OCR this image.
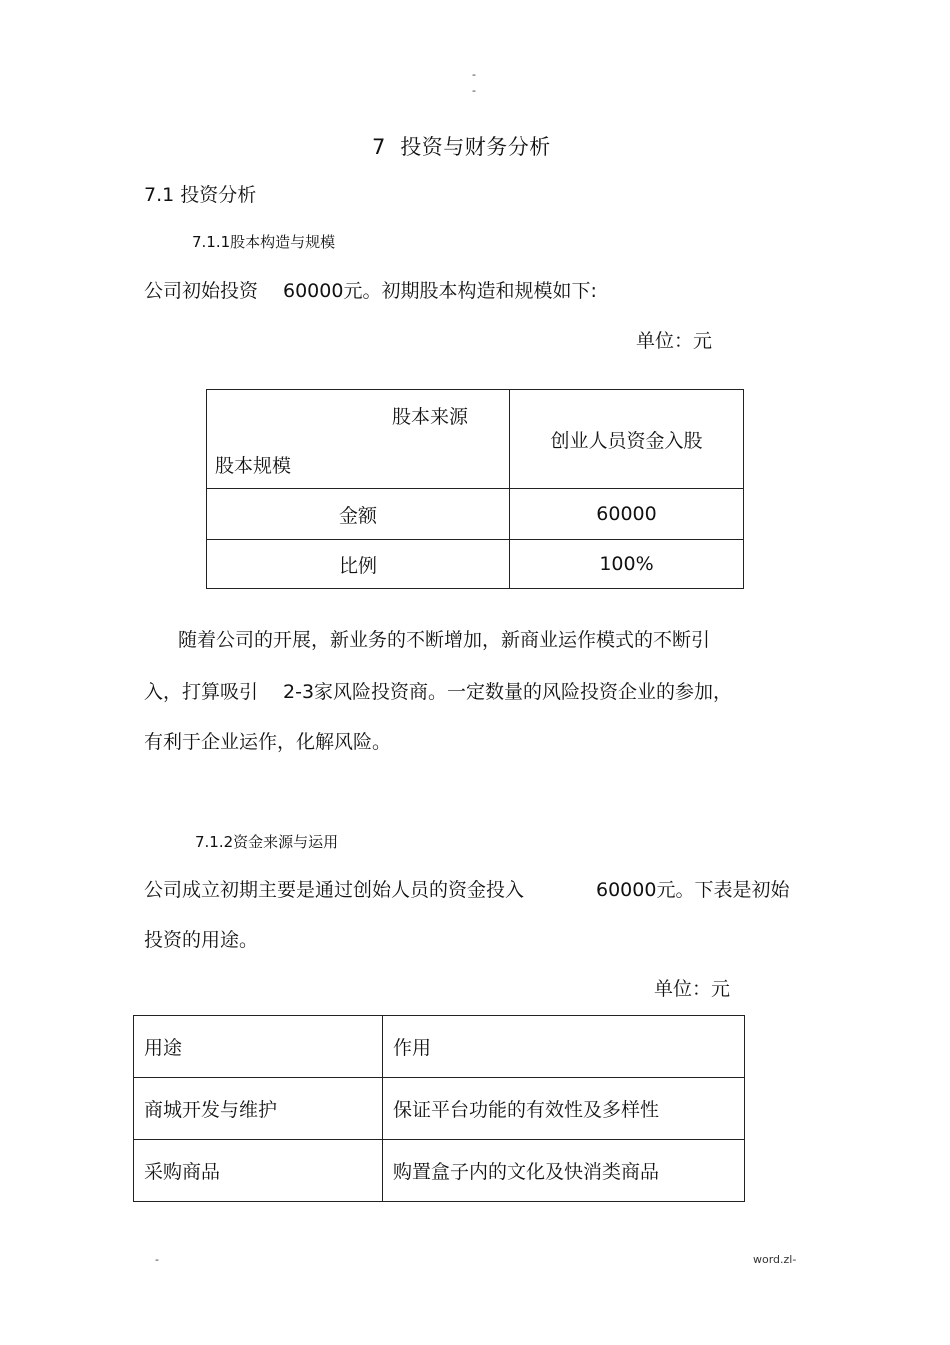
-
-
7  投资与财务分析
7.1 投资分析
7.1.1股本构造与规模
公司初始投资 60000元。初期股本构造和规模如下:
单位：元
股本来源
股本规模	创业人员资金入股
金额	60000
比例	100%
随着公司的开展，新业务的不断增加，新商业运作模式的不断引
入，打算吸引 2-3家风险投资商。一定数量的风险投资企业的参加，
有利于企业运作，化解风险。
7.1.2资金来源与运用
公司成立初期主要是通过创始人员的资金投入	60000元。下表是初始
投资的用途。
单位：元
用途	作用
商城开发与维护	保证平台功能的有效性及多样性
采购商品	购置盒子内的文化及快消类商品
-	word.zl-
